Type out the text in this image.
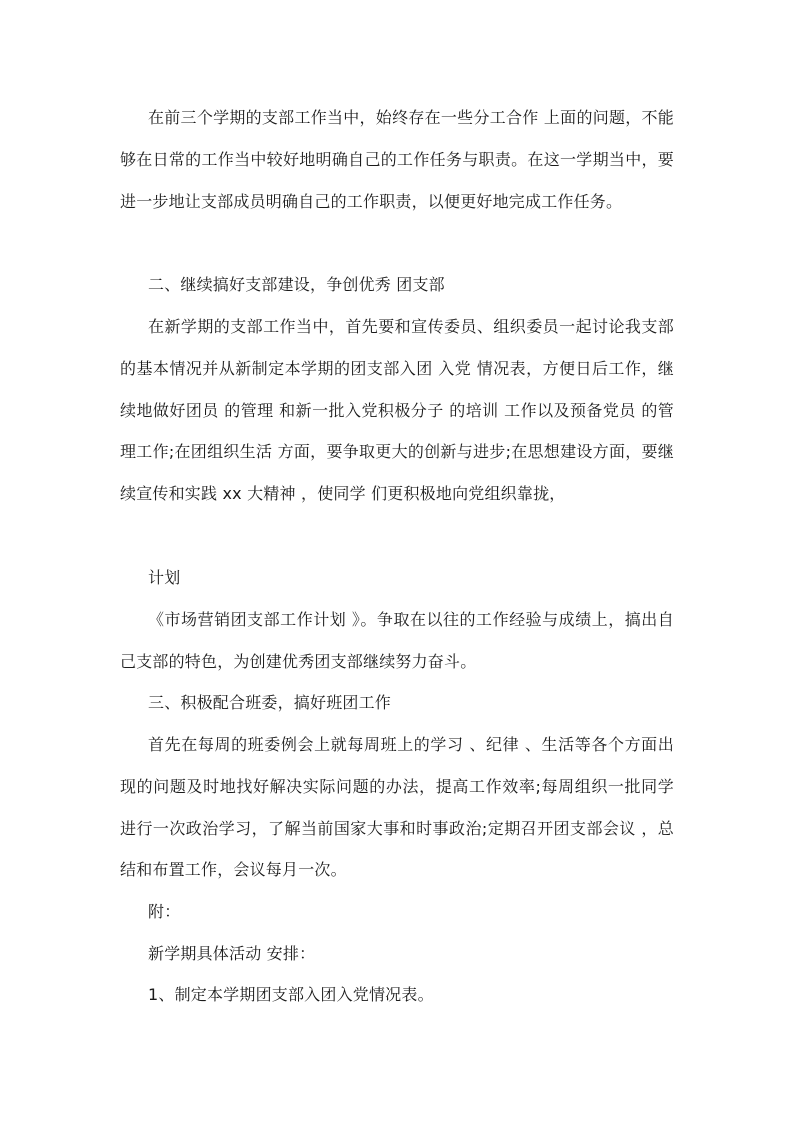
在前三个学期的支部工作当中，始终存在一些分工合作 上面的问题，不能够在日常的工作当中较好地明确自己的工作任务与职责。在这一学期当中，要进一步地让支部成员明确自己的工作职责，以便更好地完成工作任务。

二、继续搞好支部建设，争创优秀 团支部

在新学期的支部工作当中，首先要和宣传委员、组织委员一起讨论我支部的基本情况并从新制定本学期的团支部入团 入党 情况表，方便日后工作，继续地做好团员 的管理 和新一批入党积极分子 的培训 工作以及预备党员 的管理工作;在团组织生活 方面，要争取更大的创新与进步;在思想建设方面，要继续宣传和实践 xx 大精神 ，使同学 们更积极地向党组织靠拢，

计划

《市场营销团支部工作计划 》。争取在以往的工作经验与成绩上，搞出自己支部的特色，为创建优秀团支部继续努力奋斗。

三、积极配合班委，搞好班团工作

首先在每周的班委例会上就每周班上的学习 、纪律 、生活等各个方面出现的问题及时地找好解决实际问题的办法，提高工作效率;每周组织一批同学进行一次政治学习，了解当前国家大事和时事政治;定期召开团支部会议 ，总结和布置工作，会议每月一次。

附：

新学期具体活动 安排：

1、制定本学期团支部入团入党情况表。
